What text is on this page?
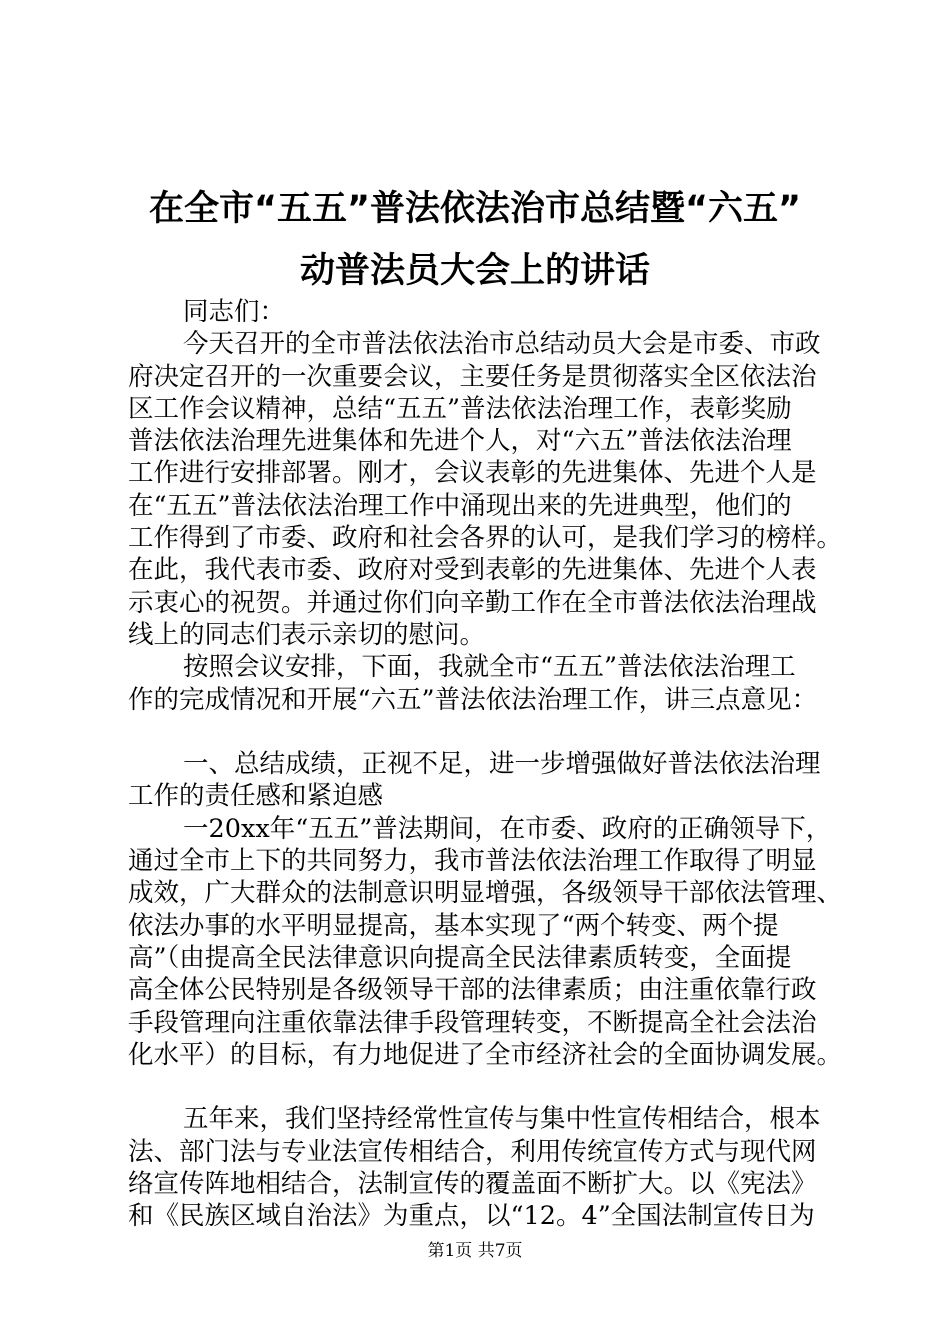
在全市“五五”普法依法治市总结暨“六五”
动普法员大会上的讲话
同志们：
今天召开的全市普法依法治市总结动员大会是市委、市政
府决定召开的一次重要会议，主要任务是贯彻落实全区依法治
区工作会议精神，总结“五五”普法依法治理工作，表彰奖励
普法依法治理先进集体和先进个人，对“六五”普法依法治理
工作进行安排部署。刚才，会议表彰的先进集体、先进个人是
在“五五”普法依法治理工作中涌现出来的先进典型，他们的
工作得到了市委、政府和社会各界的认可，是我们学习的榜样。
在此，我代表市委、政府对受到表彰的先进集体、先进个人表
示衷心的祝贺。并通过你们向辛勤工作在全市普法依法治理战
线上的同志们表示亲切的慰问。
按照会议安排，下面，我就全市“五五”普法依法治理工
作的完成情况和开展“六五”普法依法治理工作，讲三点意见：
一、总结成绩，正视不足，进一步增强做好普法依法治理
工作的责任感和紧迫感
一20xx年“五五”普法期间，在市委、政府的正确领导下，
通过全市上下的共同努力，我市普法依法治理工作取得了明显
成效，广大群众的法制意识明显增强，各级领导干部依法管理、
依法办事的水平明显提高，基本实现了“两个转变、两个提
高”（由提高全民法律意识向提高全民法律素质转变，全面提
高全体公民特别是各级领导干部的法律素质；由注重依靠行政
手段管理向注重依靠法律手段管理转变，不断提高全社会法治
化水平）的目标，有力地促进了全市经济社会的全面协调发展。
五年来，我们坚持经常性宣传与集中性宣传相结合，根本
法、部门法与专业法宣传相结合，利用传统宣传方式与现代网
络宣传阵地相结合，法制宣传的覆盖面不断扩大。以《宪法》
和《民族区域自治法》为重点，以“12。4”全国法制宣传日为
第1页 共7页
